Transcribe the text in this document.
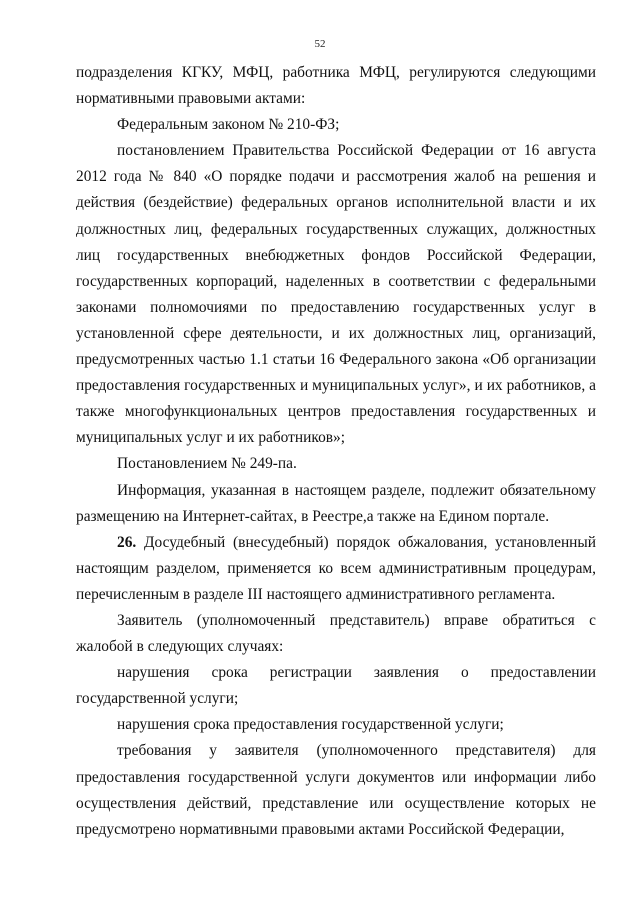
52

подразделения КГКУ, МФЦ, работника МФЦ, регулируются следующими нормативными правовыми актами:

Федеральным законом № 210-ФЗ;

постановлением Правительства Российской Федерации от 16 августа 2012 года № 840 «О порядке подачи и рассмотрения жалоб на решения и действия (бездействие) федеральных органов исполнительной власти и их должностных лиц, федеральных государственных служащих, должностных лиц государственных внебюджетных фондов Российской Федерации, государственных корпораций, наделенных в соответствии с федеральными законами полномочиями по предоставлению государственных услуг в установленной сфере деятельности, и их должностных лиц, организаций, предусмотренных частью 1.1 статьи 16 Федерального закона «Об организации предоставления государственных и муниципальных услуг», и их работников, а также многофункциональных центров предоставления государственных и муниципальных услуг и их работников»;

Постановлением № 249-па.

Информация, указанная в настоящем разделе, подлежит обязательному размещению на Интернет-сайтах, в Реестре,а также на Едином портале.

26. Досудебный (внесудебный) порядок обжалования, установленный настоящим разделом, применяется ко всем административным процедурам, перечисленным в разделе III настоящего административного регламента.

Заявитель (уполномоченный представитель) вправе обратиться с жалобой в следующих случаях:

нарушения срока регистрации заявления о предоставлении государственной услуги;

нарушения срока предоставления государственной услуги;

требования у заявителя (уполномоченного представителя) для предоставления государственной услуги документов или информации либо осуществления действий, представление или осуществление которых не предусмотрено нормативными правовыми актами Российской Федерации,
